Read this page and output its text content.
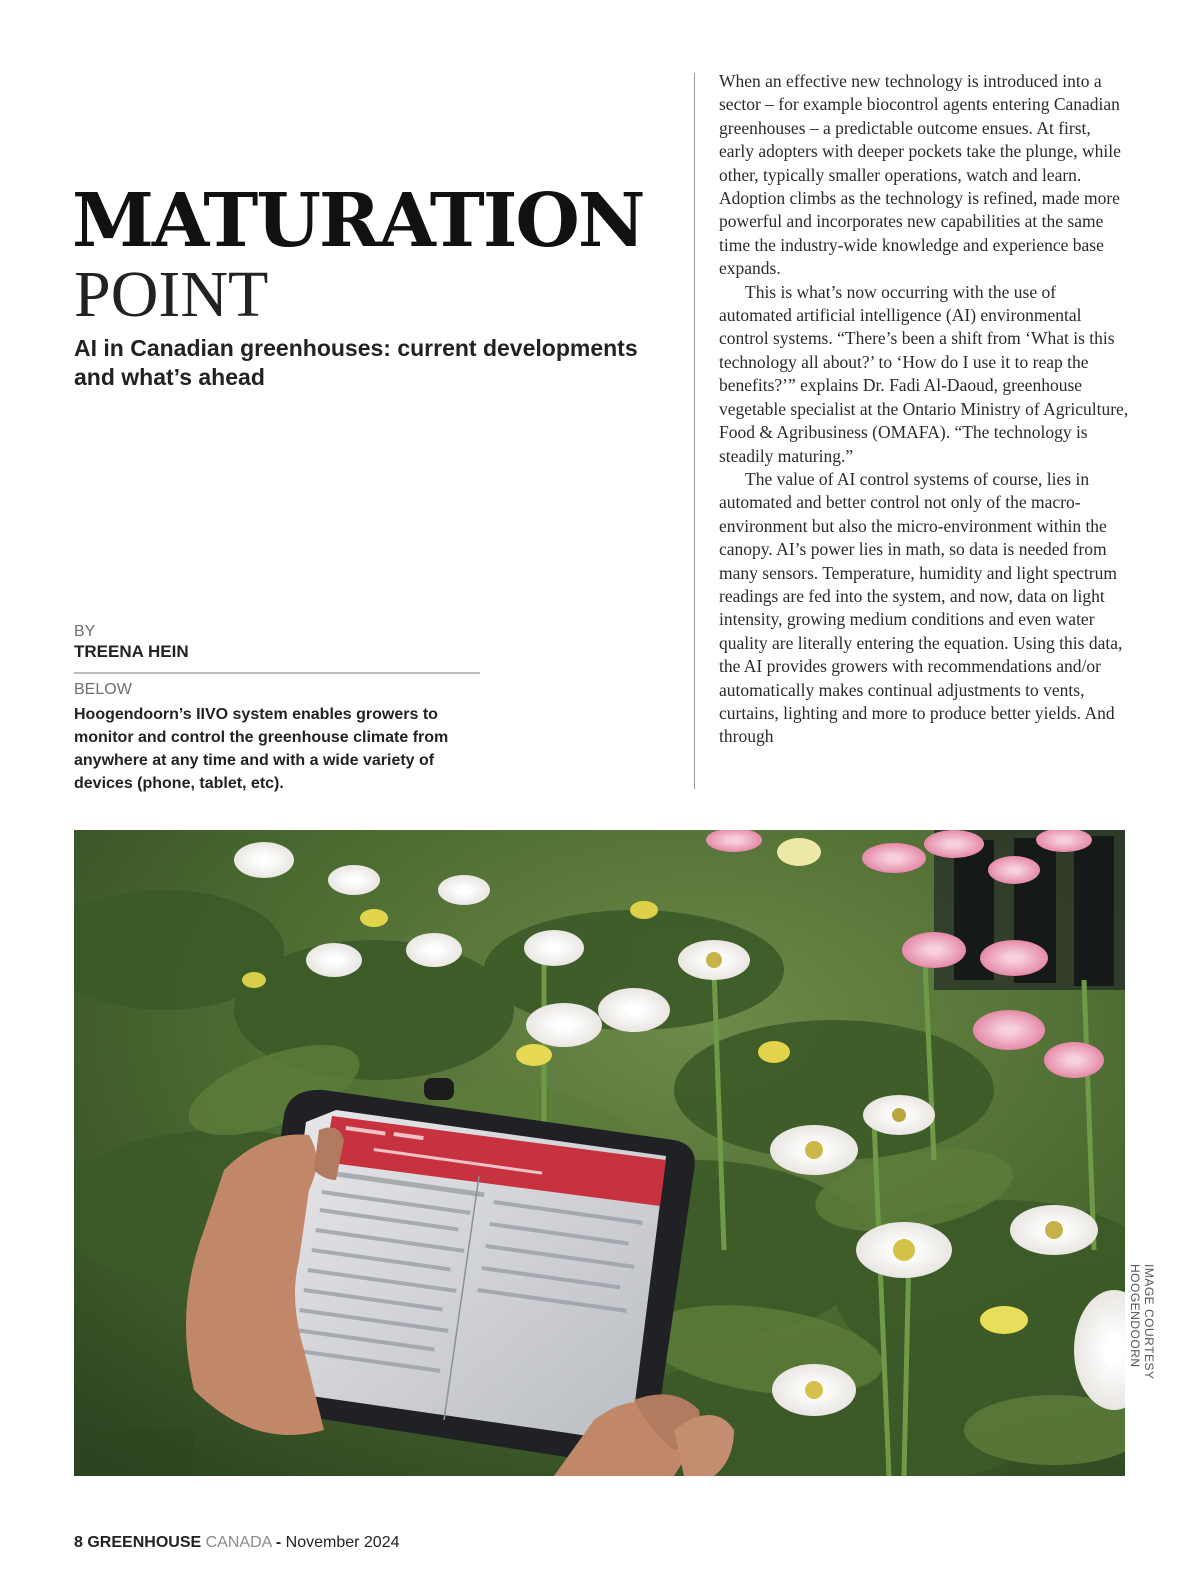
MATURATION
POINT
AI in Canadian greenhouses: current developments and what’s ahead
BY
TREENA HEIN
BELOW

Hoogendoorn’s IIVO system enables growers to monitor and control the greenhouse climate from anywhere at any time and with a wide variety of devices (phone, tablet, etc).

When an effective new technology is introduced into a sector – for example biocontrol agents entering Canadian greenhouses – a predictable outcome ensues. At first, early adopters with deeper pockets take the plunge, while other, typically smaller operations, watch and learn. Adoption climbs as the technology is refined, made more powerful and incorporates new capabilities at the same time the industry-wide knowledge and experience base expands.

This is what’s now occurring with the use of automated artificial intelligence (AI) environmental control systems. “There’s been a shift from ‘What is this technology all about?’ to ‘How do I use it to reap the benefits?’” explains Dr. Fadi Al-Daoud, greenhouse vegetable specialist at the Ontario Ministry of Agriculture, Food & Agribusiness (OMAFA). “The technology is steadily maturing.”

The value of AI control systems of course, lies in automated and better control not only of the macro-environment but also the micro-environment within the canopy. AI’s power lies in math, so data is needed from many sensors. Temperature, humidity and light spectrum readings are fed into the system, and now, data on light intensity, growing medium conditions and even water quality are literally entering the equation. Using this data, the AI provides growers with recommendations and/or automatically makes continual adjustments to vents, curtains, lighting and more to produce better yields. And through

IMAGE COURTESY HOOGENDOORN
8 GREENHOUSE CANADA - November 2024
